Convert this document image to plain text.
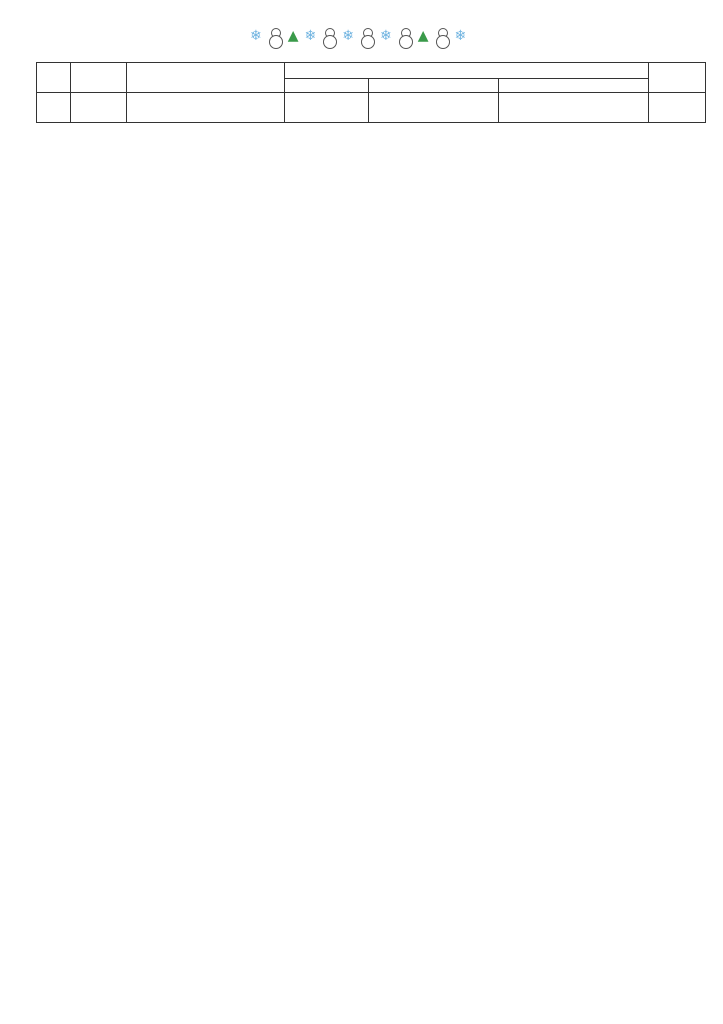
❄ ▲ ❄ ❄ ❄ ▲ ❄
